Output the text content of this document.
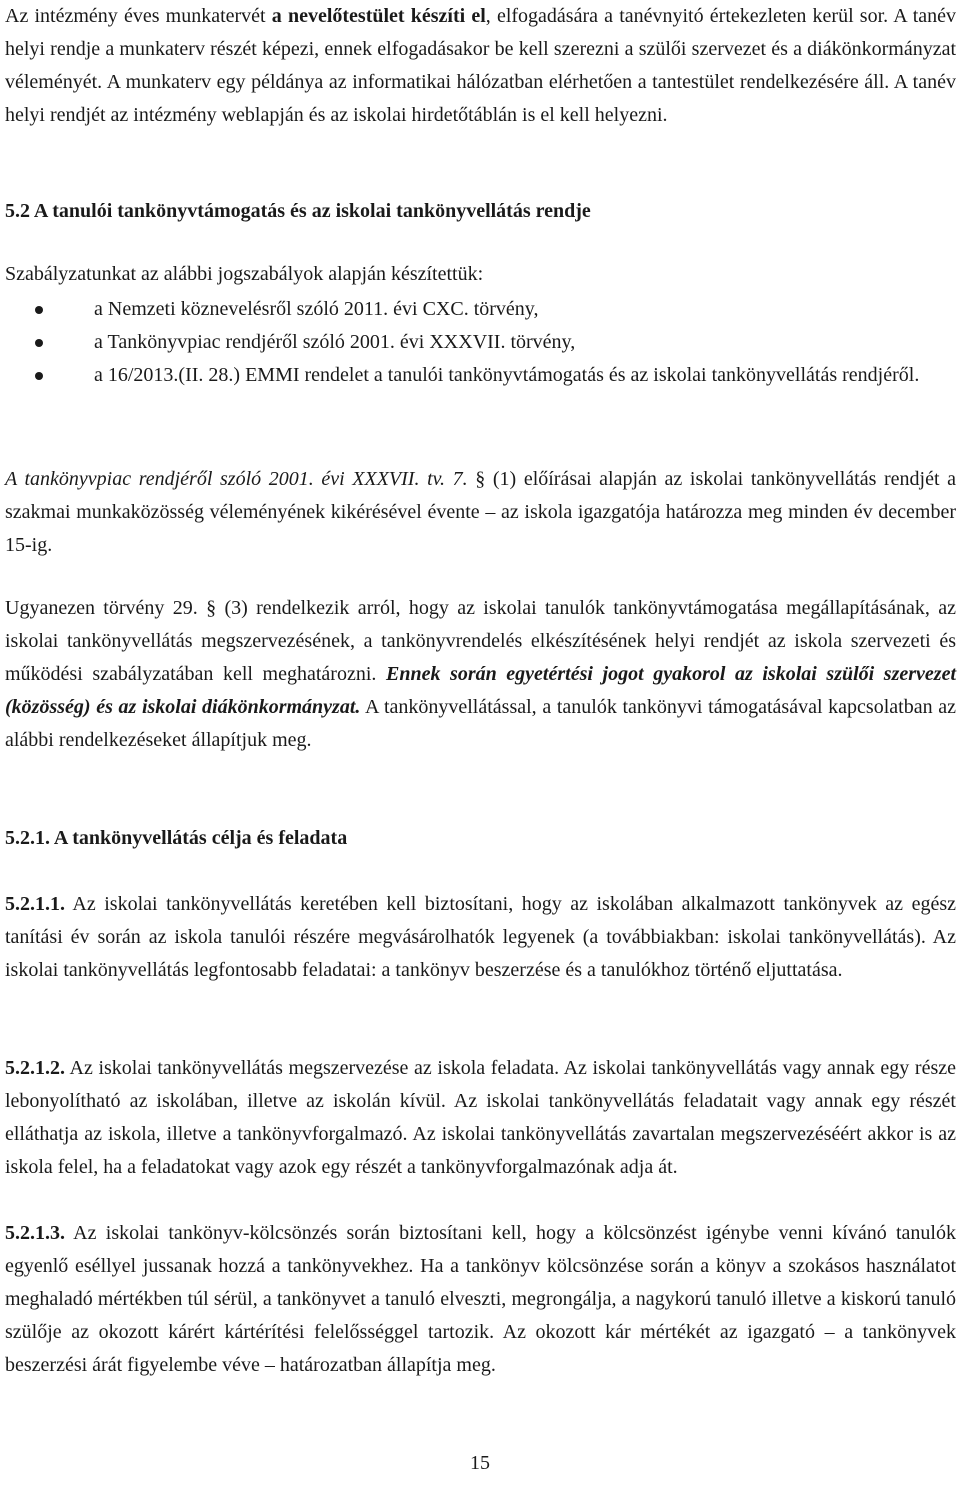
Az intézmény éves munkatervét a nevelőtestület készíti el, elfogadására a tanévnyitó értekezleten kerül sor. A tanév helyi rendje a munkaterv részét képezi, ennek elfogadásakor be kell szerezni a szülői szervezet és a diákönkormányzat véleményét. A munkaterv egy példánya az informatikai hálózatban elérhetően a tantestület rendelkezésére áll. A tanév helyi rendjét az intézmény weblapján és az iskolai hirdetőtáblán is el kell helyezni.

5.2 A tanulói tankönyvtámogatás és az iskolai tankönyvellátás rendje

Szabályzatunkat az alábbi jogszabályok alapján készítettük:

a Nemzeti köznevelésről szóló 2011. évi CXC. törvény,
a Tankönyvpiac rendjéről szóló 2001. évi XXXVII. törvény,
a 16/2013.(II. 28.) EMMI rendelet a tanulói tankönyvtámogatás és az iskolai tankönyvellátás rendjéről.

A tankönyvpiac rendjéről szóló 2001. évi XXXVII. tv. 7. § (1) előírásai alapján az iskolai tankönyvellátás rendjét a szakmai munkaközösség véleményének kikérésével évente – az iskola igazgatója határozza meg minden év december 15-ig.

Ugyanezen törvény 29. § (3) rendelkezik arról, hogy az iskolai tanulók tankönyvtámogatása megállapításának, az iskolai tankönyvellátás megszervezésének, a tankönyvrendelés elkészítésének helyi rendjét az iskola szervezeti és működési szabályzatában kell meghatározni. Ennek során egyetértési jogot gyakorol az iskolai szülői szervezet (közösség) és az iskolai diákönkormányzat. A tankönyvellátással, a tanulók tankönyvi támogatásával kapcsolatban az alábbi rendelkezéseket állapítjuk meg.

5.2.1. A tankönyvellátás célja és feladata

5.2.1.1. Az iskolai tankönyvellátás keretében kell biztosítani, hogy az iskolában alkalmazott tankönyvek az egész tanítási év során az iskola tanulói részére megvásárolhatók legyenek (a továbbiakban: iskolai tankönyvellátás). Az iskolai tankönyvellátás legfontosabb feladatai: a tankönyv beszerzése és a tanulókhoz történő eljuttatása.

5.2.1.2. Az iskolai tankönyvellátás megszervezése az iskola feladata. Az iskolai tankönyvellátás vagy annak egy része lebonyolítható az iskolában, illetve az iskolán kívül. Az iskolai tankönyvellátás feladatait vagy annak egy részét elláthatja az iskola, illetve a tankönyvforgalmazó. Az iskolai tankönyvellátás zavartalan megszervezéséért akkor is az iskola felel, ha a feladatokat vagy azok egy részét a tankönyvforgalmazónak adja át.

5.2.1.3. Az iskolai tankönyv-kölcsönzés során biztosítani kell, hogy a kölcsönzést igénybe venni kívánó tanulók egyenlő eséllyel jussanak hozzá a tankönyvekhez. Ha a tankönyv kölcsönzése során a könyv a szokásos használatot meghaladó mértékben túl sérül, a tankönyvet a tanuló elveszti, megrongálja, a nagykorú tanuló illetve a kiskorú tanuló szülője az okozott kárért kártérítési felelősséggel tartozik. Az okozott kár mértékét az igazgató – a tankönyvek beszerzési árát figyelembe véve – határozatban állapítja meg.

15
